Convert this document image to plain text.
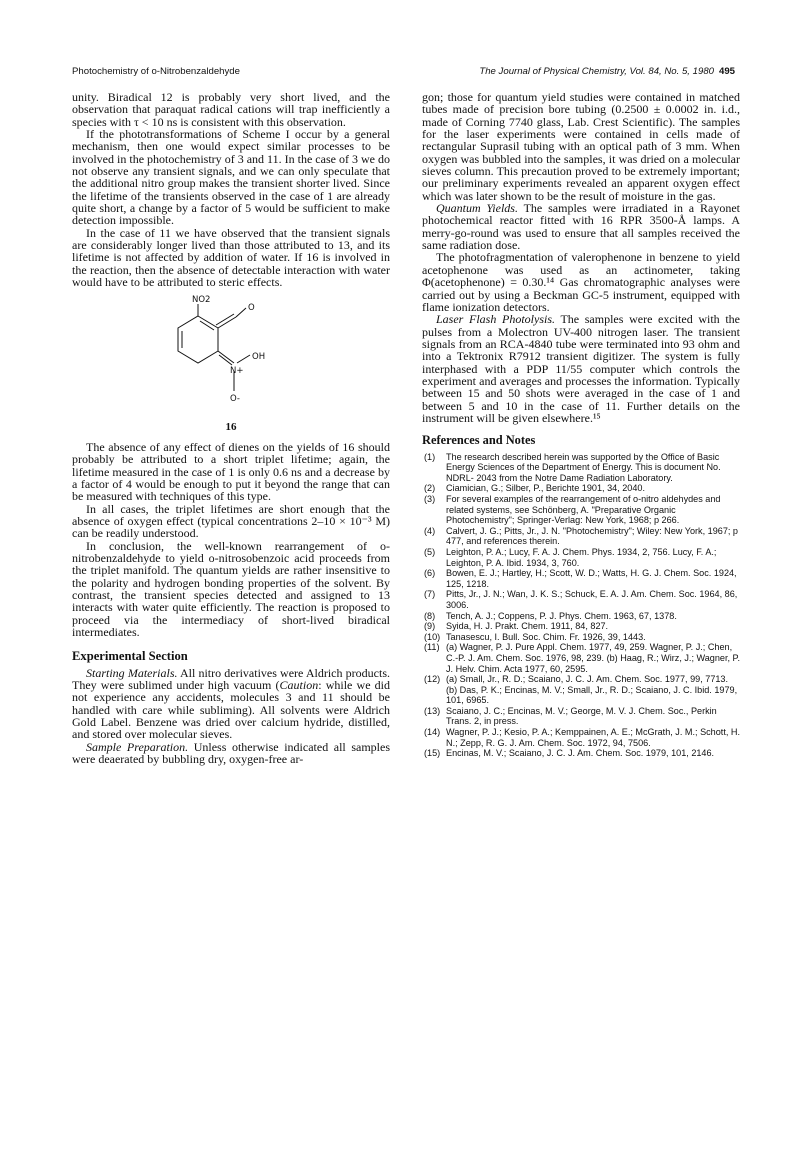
Photochemistry of o-Nitrobenzaldehyde	The Journal of Physical Chemistry, Vol. 84, No. 5, 1980 495

unity. Biradical 12 is probably very short lived, and the observation that paraquat radical cations will trap inefficiently a species with τ < 10 ns is consistent with this observation.

If the phototransformations of Scheme I occur by a general mechanism, then one would expect similar processes to be involved in the photochemistry of 3 and 11. In the case of 3 we do not observe any transient signals, and we can only speculate that the additional nitro group makes the transient shorter lived. Since the lifetime of the transients observed in the case of 1 are already quite short, a change by a factor of 5 would be sufficient to make detection impossible.

In the case of 11 we have observed that the transient signals are considerably longer lived than those attributed to 13, and its lifetime is not affected by addition of water. If 16 is involved in the reaction, then the absence of detectable interaction with water would have to be attributed to steric effects.

NO2
O
OH
N+
O-
16

The absence of any effect of dienes on the yields of 16 should probably be attributed to a short triplet lifetime; again, the lifetime measured in the case of 1 is only 0.6 ns and a decrease by a factor of 4 would be enough to put it beyond the range that can be measured with techniques of this type.

In all cases, the triplet lifetimes are short enough that the absence of oxygen effect (typical concentrations 2–10 × 10⁻³ M) can be readily understood.

In conclusion, the well-known rearrangement of o-nitrobenzaldehyde to yield o-nitrosobenzoic acid proceeds from the triplet manifold. The quantum yields are rather insensitive to the polarity and hydrogen bonding properties of the solvent. By contrast, the transient species detected and assigned to 13 interacts with water quite efficiently. The reaction is proposed to proceed via the intermediacy of short-lived biradical intermediates.

Experimental Section

Starting Materials. All nitro derivatives were Aldrich products. They were sublimed under high vacuum (Caution: while we did not experience any accidents, molecules 3 and 11 should be handled with care while subliming). All solvents were Aldrich Gold Label. Benzene was dried over calcium hydride, distilled, and stored over molecular sieves.

Sample Preparation. Unless otherwise indicated all samples were deaerated by bubbling dry, oxygen-free ar-

gon; those for quantum yield studies were contained in matched tubes made of precision bore tubing (0.2500 ± 0.0002 in. i.d., made of Corning 7740 glass, Lab. Crest Scientific). The samples for the laser experiments were contained in cells made of rectangular Suprasil tubing with an optical path of 3 mm. When oxygen was bubbled into the samples, it was dried on a molecular sieves column. This precaution proved to be extremely important; our preliminary experiments revealed an apparent oxygen effect which was later shown to be the result of moisture in the gas.

Quantum Yields. The samples were irradiated in a Rayonet photochemical reactor fitted with 16 RPR 3500-Å lamps. A merry-go-round was used to ensure that all samples received the same radiation dose.

The photofragmentation of valerophenone in benzene to yield acetophenone was used as an actinometer, taking Φ(acetophenone) = 0.30.¹⁴ Gas chromatographic analyses were carried out by using a Beckman GC-5 instrument, equipped with flame ionization detectors.

Laser Flash Photolysis. The samples were excited with the pulses from a Molectron UV-400 nitrogen laser. The transient signals from an RCA-4840 tube were terminated into 93 ohm and into a Tektronix R7912 transient digitizer. The system is fully interphased with a PDP 11/55 computer which controls the experiment and averages and processes the information. Typically between 15 and 50 shots were averaged in the case of 1 and between 5 and 10 in the case of 11. Further details on the instrument will be given elsewhere.¹⁵

References and Notes
(1) The research described herein was supported by the Office of Basic Energy Sciences of the Department of Energy. This is document No. NDRL- 2043 from the Notre Dame Radiation Laboratory.
(2) Ciamician, G.; Silber, P., Berichte 1901, 34, 2040.
(3) For several examples of the rearrangement of o-nitro aldehydes and related systems, see Schönberg, A. "Preparative Organic Photochemistry"; Springer-Verlag: New York, 1968; p 266.
(4) Calvert, J. G.; Pitts, Jr., J. N. "Photochemistry"; Wiley: New York, 1967; p 477, and references therein.
(5) Leighton, P. A.; Lucy, F. A. J. Chem. Phys. 1934, 2, 756. Lucy, F. A.; Leighton, P. A. Ibid. 1934, 3, 760.
(6) Bowen, E. J.; Hartley, H.; Scott, W. D.; Watts, H. G. J. Chem. Soc. 1924, 125, 1218.
(7) Pitts, Jr., J. N.; Wan, J. K. S.; Schuck, E. A. J. Am. Chem. Soc. 1964, 86, 3006.
(8) Tench, A. J.; Coppens, P. J. Phys. Chem. 1963, 67, 1378.
(9) Syida, H. J. Prakt. Chem. 1911, 84, 827.
(10) Tanasescu, I. Bull. Soc. Chim. Fr. 1926, 39, 1443.
(11) (a) Wagner, P. J. Pure Appl. Chem. 1977, 49, 259. Wagner, P. J.; Chen, C.-P. J. Am. Chem. Soc. 1976, 98, 239. (b) Haag, R.; Wirz, J.; Wagner, P. J. Helv. Chim. Acta 1977, 60, 2595.
(12) (a) Small, Jr., R. D.; Scaiano, J. C. J. Am. Chem. Soc. 1977, 99, 7713. (b) Das, P. K.; Encinas, M. V.; Small, Jr., R. D.; Scaiano, J. C. Ibid. 1979, 101, 6965.
(13) Scaiano, J. C.; Encinas, M. V.; George, M. V. J. Chem. Soc., Perkin Trans. 2, in press.
(14) Wagner, P. J.; Kesio, P. A.; Kemppainen, A. E.; McGrath, J. M.; Schott, H. N.; Zepp, R. G. J. Am. Chem. Soc. 1972, 94, 7506.
(15) Encinas, M. V.; Scaiano, J. C. J. Am. Chem. Soc. 1979, 101, 2146.
